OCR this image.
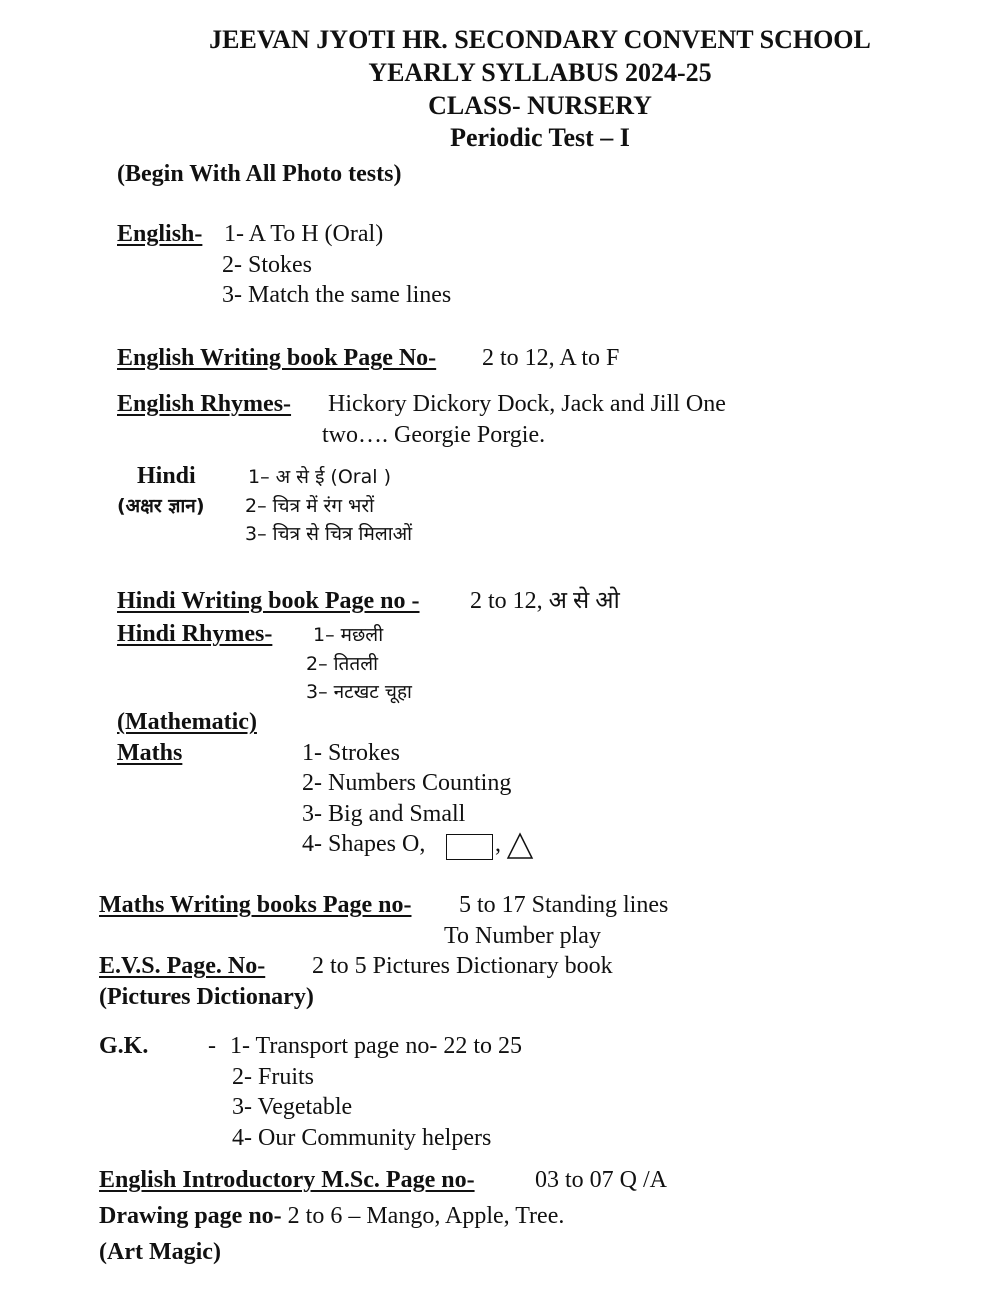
JEEVAN JYOTI HR. SECONDARY CONVENT SCHOOL
YEARLY SYLLABUS 2024-25
CLASS- NURSERY
Periodic Test – I
(Begin With All Photo tests)
English- 1- A To H (Oral)
2- Stokes
3- Match the same lines
English Writing book Page No- 2 to 12, A to F
English Rhymes- Hickory Dickory Dock, Jack and Jill One
two…. Georgie Porgie.
Hindi
(अक्षर ज्ञान)
1– अ से ई (Oral )
2– चित्र में रंग भरों
3– चित्र से चित्र मिलाओं
Hindi Writing book Page no - 2 to 12, अ से ओ
Hindi Rhymes- 1– मछली
2– तितली
3– नटखट चूहा
(Mathematic)
Maths	1- Strokes
2- Numbers Counting
3- Big and Small
4- Shapes O,	,
Maths Writing books Page no- 5 to 17 Standing lines
To Number play
E.V.S. Page. No- 2 to 5 Pictures Dictionary book
(Pictures Dictionary)
G.K. - 1- Transport page no- 22 to 25
2- Fruits
3- Vegetable
4- Our Community helpers
English Introductory M.Sc. Page no-	03 to 07 Q /A
Drawing page no- 2 to 6 – Mango, Apple, Tree.
(Art Magic)
